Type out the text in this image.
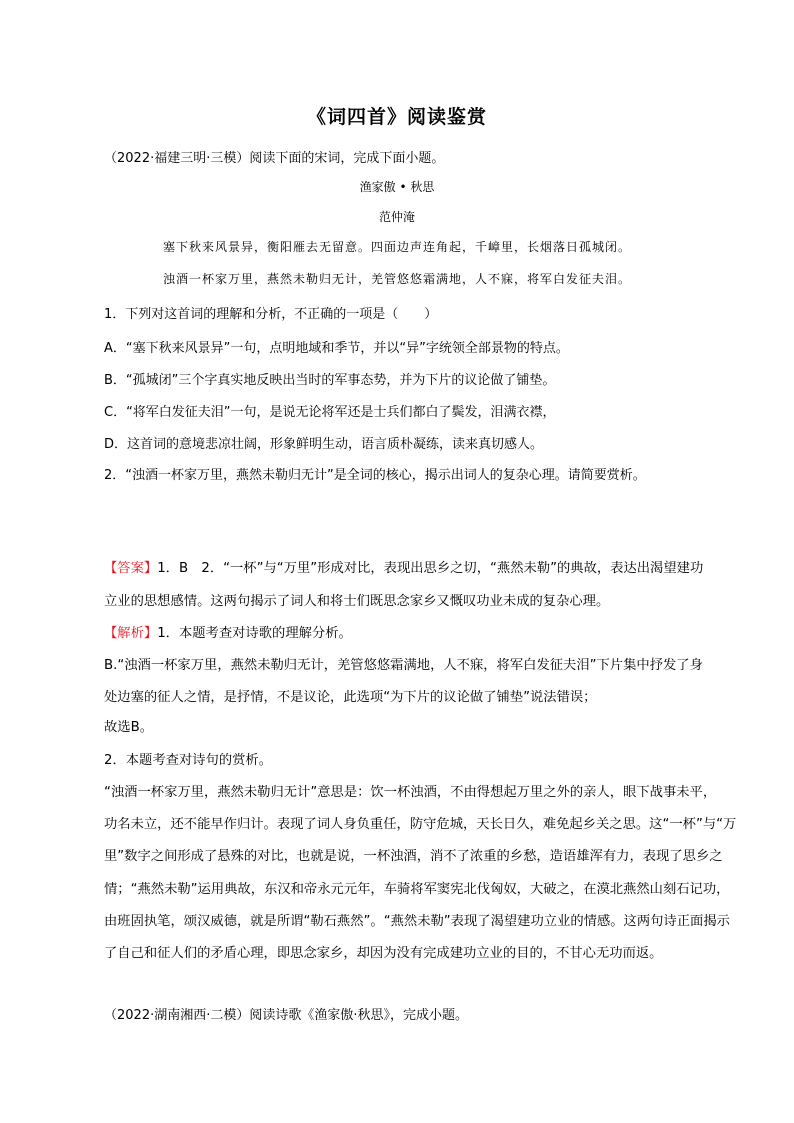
《词四首》阅读鉴赏
（2022·福建三明·三模）阅读下面的宋词，完成下面小题。
渔家傲 • 秋思
范仲淹
塞下秋来风景异，衡阳雁去无留意。四面边声连角起，千嶂里，长烟落日孤城闭。
浊酒一杯家万里，燕然未勒归无计，羌管悠悠霜满地，人不寐，将军白发征夫泪。
1．下列对这首词的理解和分析，不正确的一项是（　　）
A．“塞下秋来风景异”一句，点明地域和季节，并以“异”字统领全部景物的特点。
B．“孤城闭”三个字真实地反映出当时的军事态势，并为下片的议论做了铺垫。
C．“将军白发征夫泪”一句，是说无论将军还是士兵们都白了鬓发，泪满衣襟，
D．这首词的意境悲凉壮阔，形象鲜明生动，语言质朴凝练，读来真切感人。
2．“浊酒一杯家万里，燕然未勒归无计”是全词的核心，揭示出词人的复杂心理。请简要赏析。
【答案】1．B　2．“一杯”与“万里”形成对比，表现出思乡之切，“燕然未勒”的典故，表达出渴望建功
立业的思想感情。这两句揭示了词人和将士们既思念家乡又慨叹功业未成的复杂心理。
【解析】1．本题考查对诗歌的理解分析。
B.“浊酒一杯家万里，燕然未勒归无计，羌管悠悠霜满地，人不寐，将军白发征夫泪”下片集中抒发了身
处边塞的征人之情，是抒情，不是议论，此选项“为下片的议论做了铺垫”说法错误；
故选B。
2．本题考查对诗句的赏析。
“浊酒一杯家万里，燕然未勒归无计”意思是：饮一杯浊酒，不由得想起万里之外的亲人，眼下战事未平，
功名未立，还不能早作归计。表现了词人身负重任，防守危城，天长日久，难免起乡关之思。这“一杯”与“万
里”数字之间形成了悬殊的对比，也就是说，一杯浊酒，消不了浓重的乡愁，造语雄浑有力，表现了思乡之
情；“燕然未勒”运用典故，东汉和帝永元元年，车骑将军窦宪北伐匈奴，大破之，在漠北燕然山刻石记功，
由班固执笔，颂汉威德，就是所谓“勒石燕然”。“燕然未勒”表现了渴望建功立业的情感。这两句诗正面揭示
了自己和征人们的矛盾心理，即思念家乡，却因为没有完成建功立业的目的，不甘心无功而返。
（2022·湖南湘西·二模）阅读诗歌《渔家傲·秋思》，完成小题。
